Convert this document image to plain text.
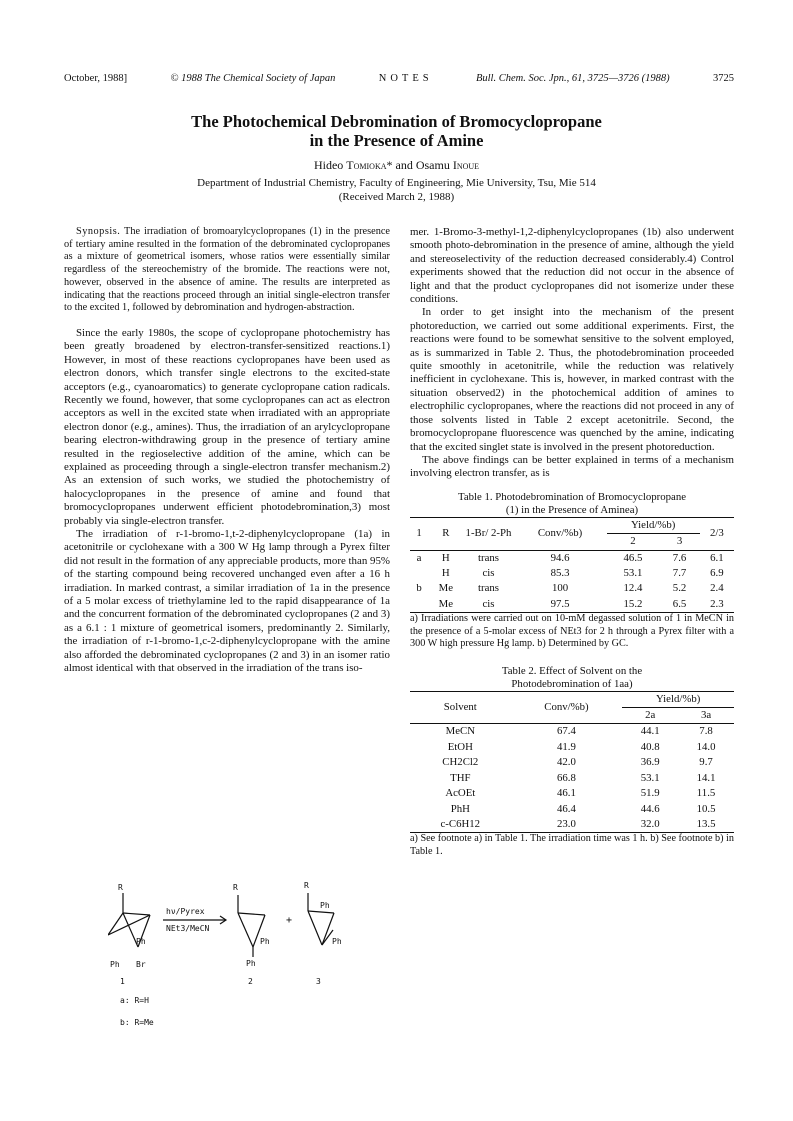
October, 1988]	© 1988 The Chemical Society of Japan	NOTES	Bull. Chem. Soc. Jpn., 61, 3725—3726 (1988)	3725
The Photochemical Debromination of Bromocyclopropane
in the Presence of Amine
Hideo Tomioka* and Osamu Inoue
Department of Industrial Chemistry, Faculty of Engineering, Mie University, Tsu, Mie 514
(Received March 2, 1988)

Synopsis. The irradiation of bromoarylcyclopropanes (1) in the presence of tertiary amine resulted in the formation of the debrominated cyclopropanes as a mixture of geometrical isomers, whose ratios were essentially similar regardless of the stereochemistry of the bromide. The reactions were not, however, observed in the absence of amine. The results are interpreted as indicating that the reactions proceed through an initial single-electron transfer to the excited 1, followed by debromination and hydrogen-abstraction.

Since the early 1980s, the scope of cyclopropane photochemistry has been greatly broadened by electron-transfer-sensitized reactions.1) However, in most of these reactions cyclopropanes have been used as electron donors, which transfer single electrons to the excited-state acceptors (e.g., cyanoaromatics) to generate cyclopropane cation radicals. Recently we found, however, that some cyclopropanes can act as electron acceptors as well in the excited state when irradiated with an appropriate electron donor (e.g., amines). Thus, the irradiation of an arylcyclopropane bearing electron-withdrawing group in the presence of tertiary amine resulted in the regioselective addition of the amine, which can be explained as proceeding through a single-electron transfer mechanism.2) As an extension of such works, we studied the photochemistry of halocyclopropanes in the presence of amine and found that bromocyclopropanes underwent efficient photodebromination,3) most probably via single-electron transfer.

The irradiation of r-1-bromo-1,t-2-diphenylcyclopropane (1a) in acetonitrile or cyclohexane with a 300 W Hg lamp through a Pyrex filter did not result in the formation of any appreciable products, more than 95% of the starting compound being recovered unchanged even after a 16 h irradiation. In marked contrast, a similar irradiation of 1a in the presence of a 5 molar excess of triethylamine led to the rapid disappearance of 1a and the concurrent formation of the debrominated cyclopropanes (2 and 3) as a 6.1 : 1 mixture of geometrical isomers, predominantly 2. Similarly, the irradiation of r-1-bromo-1,c-2-diphenylcyclopropane with the amine also afforded the debrominated cyclopropanes (2 and 3) in an isomer ratio almost identical with that observed in the irradiation of the trans iso-

R
Ph
Ph Br
hν/Pyrex
NEt3/MeCN
R
Ph
Ph
+
R
Ph
Ph
1	2	3
a: R=H
b: R=Me

mer. 1-Bromo-3-methyl-1,2-diphenylcyclopropanes (1b) also underwent smooth photo-debromination in the presence of amine, although the yield and stereoselectivity of the reduction decreased considerably.4) Control experiments showed that the reduction did not occur in the absence of light and that the product cyclopropanes did not isomerize under these conditions.

In order to get insight into the mechanism of the present photoreduction, we carried out some additional experiments. First, the reactions were found to be somewhat sensitive to the solvent employed, as is summarized in Table 2. Thus, the photodebromination proceeded quite smoothly in acetonitrile, while the reduction was relatively inefficient in cyclohexane. This is, however, in marked contrast with the situation observed2) in the photochemical addition of amines to electrophilic cyclopropanes, where the reactions did not proceed in any of those solvents listed in Table 2 except acetonitrile. Second, the bromocyclopropane fluorescence was quenched by the amine, indicating that the excited singlet state is involved in the present photoreduction.

The above findings can be better explained in terms of a mechanism involving electron transfer, as is

Table 1. Photodebromination of Bromocyclopropane
(1) in the Presence of Aminea)

1	R	1-Br/ 2-Ph	Conv/%b)	Yield/%b)		2/3
				2	3	
a	H	trans	94.6	46.5	7.6	6.1
	H	cis	85.3	53.1	7.7	6.9
b	Me	trans	100	12.4	5.2	2.4
	Me	cis	97.5	15.2	6.5	2.3

a) Irradiations were carried out on 10-mM degassed solution of 1 in MeCN in the presence of a 5-molar excess of NEt3 for 2 h through a Pyrex filter with a 300 W high pressure Hg lamp. b) Determined by GC.

Table 2. Effect of Solvent on the
Photodebromination of 1aa)

Solvent	Conv/%b)	Yield/%b)	
		2a	3a
MeCN	67.4	44.1	7.8
EtOH	41.9	40.8	14.0
CH2Cl2	42.0	36.9	9.7
THF	66.8	53.1	14.1
AcOEt	46.1	51.9	11.5
PhH	46.4	44.6	10.5
c-C6H12	23.0	32.0	13.5

a) See footnote a) in Table 1. The irradiation time was 1 h. b) See footnote b) in Table 1.
